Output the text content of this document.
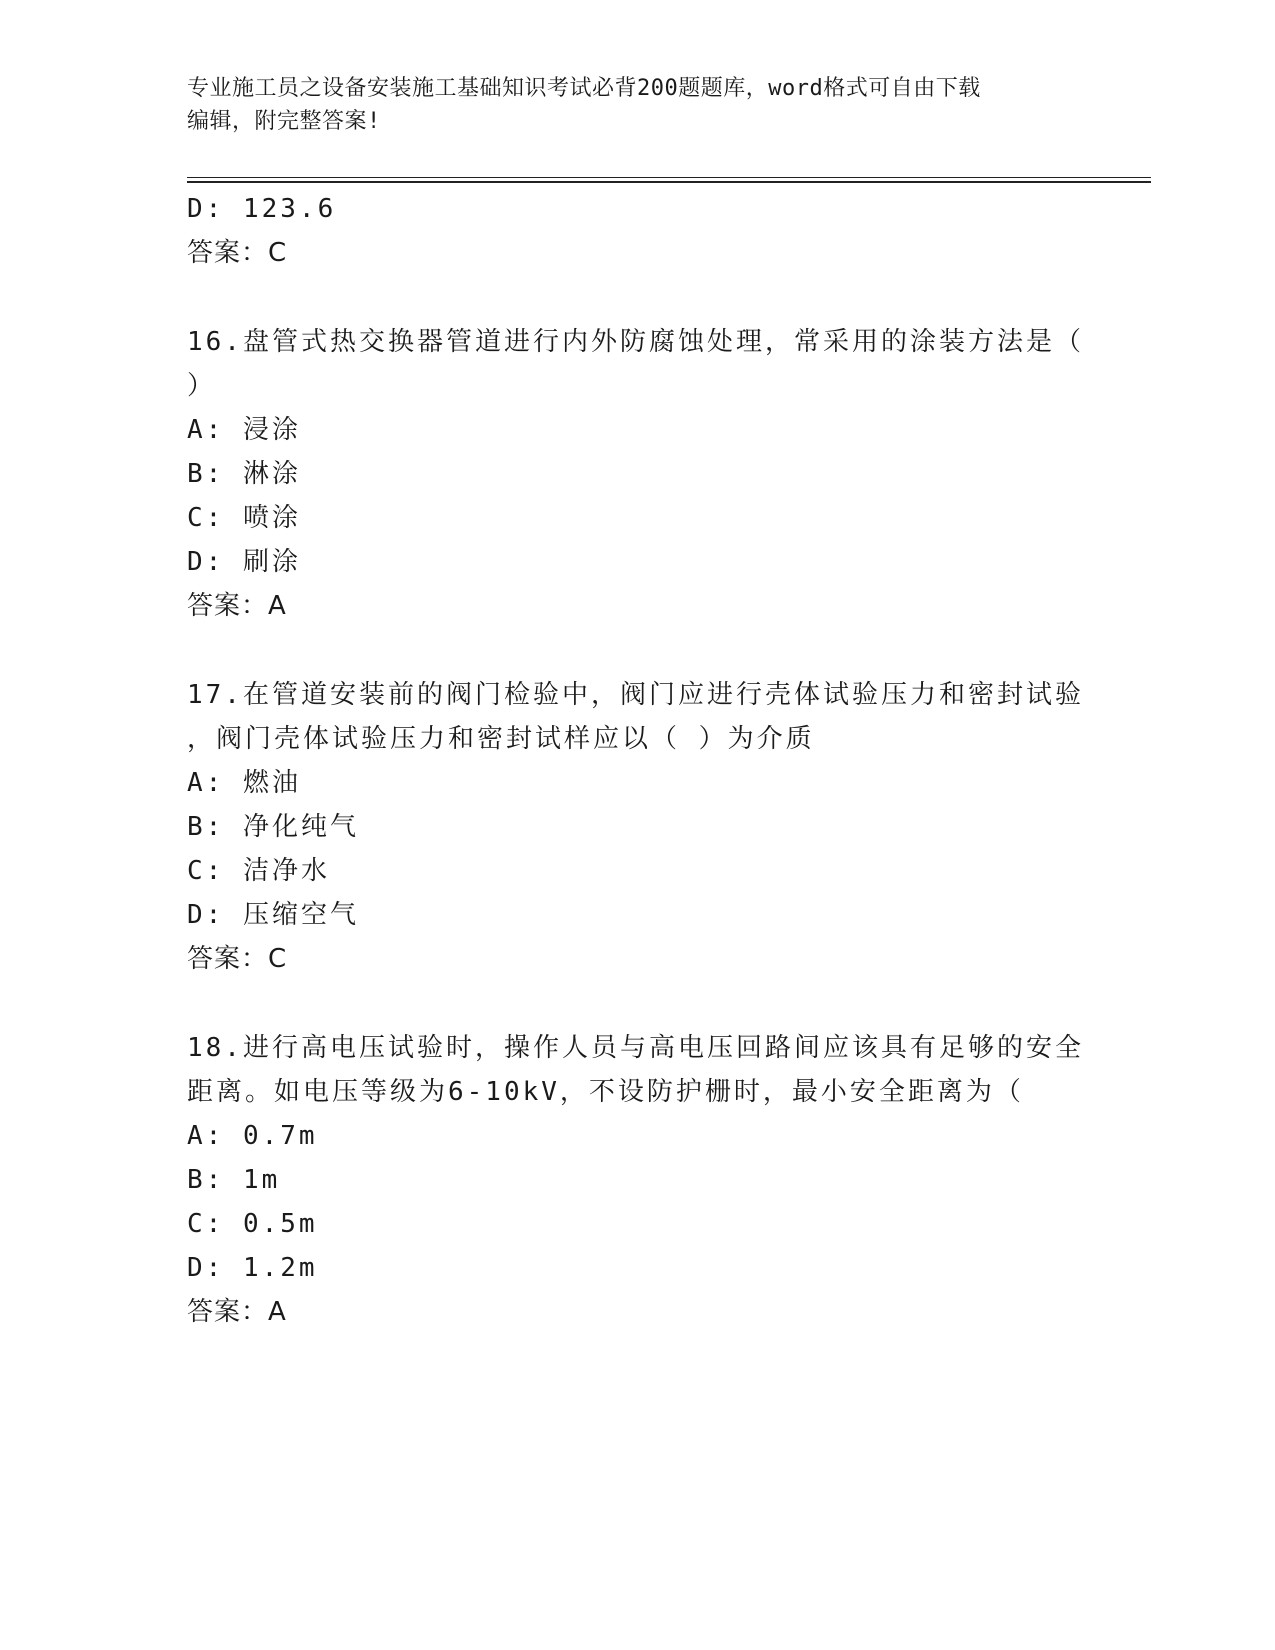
专业施工员之设备安装施工基础知识考试必背200题题库，word格式可自由下载
编辑，附完整答案!
D: 123.6
答案：C
16.盘管式热交换器管道进行内外防腐蚀处理，常采用的涂装方法是（
）
A: 浸涂
B: 淋涂
C: 喷涂
D: 刷涂
答案：A
17.在管道安装前的阀门检验中，阀门应进行壳体试验压力和密封试验
，阀门壳体试验压力和密封试样应以（ ）为介质
A: 燃油
B: 净化纯气
C: 洁净水
D: 压缩空气
答案：C
18.进行高电压试验时，操作人员与高电压回路间应该具有足够的安全
距离。如电压等级为6-10kV，不设防护栅时，最小安全距离为（
A: 0.7m
B: 1m
C: 0.5m
D: 1.2m
答案：A
